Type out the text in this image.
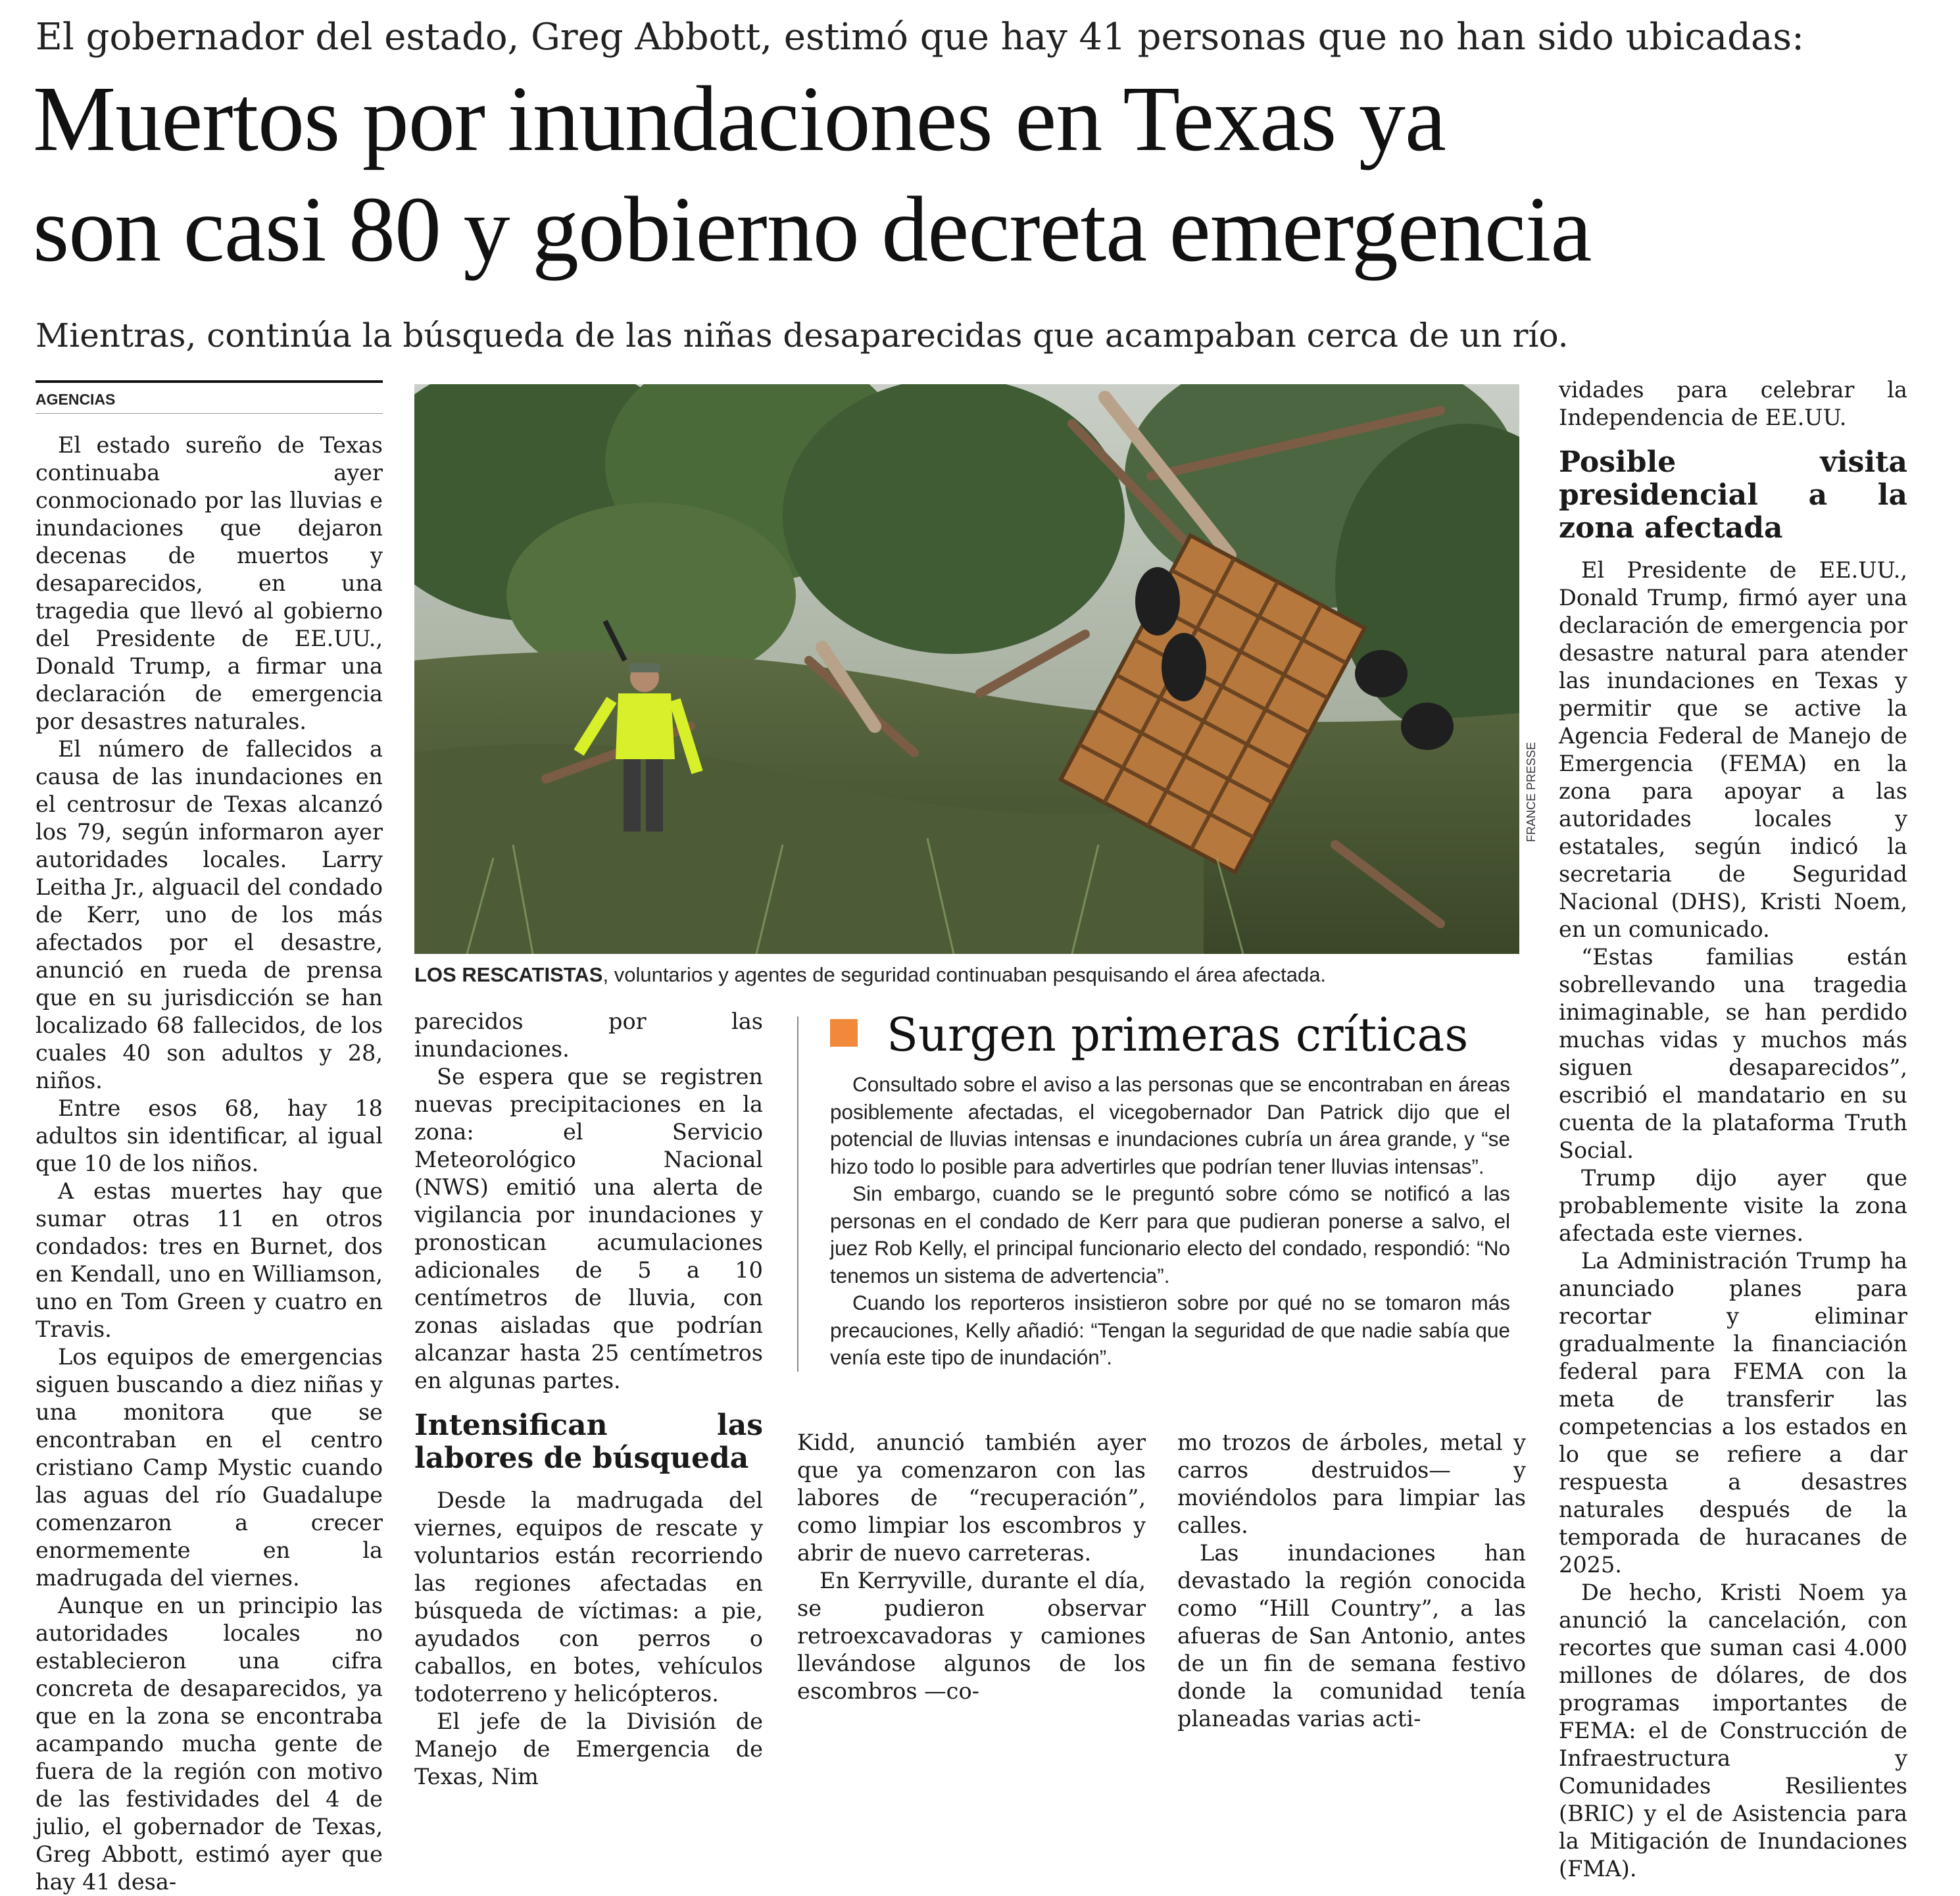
El gobernador del estado, Greg Abbott, estimó que hay 41 personas que no han sido ubicadas:
Muertos por inundaciones en Texas ya
son casi 80 y gobierno decreta emergencia
Mientras, continúa la búsqueda de las niñas desaparecidas que acampaban cerca de un río.
AGENCIAS

El estado sureño de Texas continuaba ayer conmocionado por las lluvias e inundaciones que dejaron decenas de muertos y desaparecidos, en una tragedia que llevó al gobierno del Presidente de EE.UU., Donald Trump, a firmar una declaración de emergencia por desastres naturales.

El número de fallecidos a causa de las inundaciones en el centrosur de Texas alcanzó los 79, según informaron ayer autoridades locales. Larry Leitha Jr., alguacil del condado de Kerr, uno de los más afectados por el desastre, anunció en rueda de prensa que en su jurisdicción se han localizado 68 fallecidos, de los cuales 40 son adultos y 28, niños.

Entre esos 68, hay 18 adultos sin identificar, al igual que 10 de los niños.

A estas muertes hay que sumar otras 11 en otros condados: tres en Burnet, dos en Kendall, uno en Williamson, uno en Tom Green y cuatro en Travis.

Los equipos de emergencias siguen buscando a diez niñas y una monitora que se encontraban en el centro cristiano Camp Mystic cuando las aguas del río Guadalupe comenzaron a crecer enormemente en la madrugada del viernes.

Aunque en un principio las autoridades locales no establecieron una cifra concreta de desaparecidos, ya que en la zona se encontraba acampando mucha gente de fuera de la región con motivo de las festividades del 4 de julio, el gobernador de Texas, Greg Abbott, estimó ayer que hay 41 desa-

FRANCE PRESSE
LOS RESCATISTAS, voluntarios y agentes de seguridad continuaban pesquisando el área afectada.

parecidos por las inundaciones.

Se espera que se registren nuevas precipitaciones en la zona: el Servicio Meteorológico Nacional (NWS) emitió una alerta de vigilancia por inundaciones y pronostican acumulaciones adicionales de 5 a 10 centímetros de lluvia, con zonas aisladas que podrían alcanzar hasta 25 centímetros en algunas partes.

Intensifican las labores de búsqueda

Desde la madrugada del viernes, equipos de rescate y voluntarios están recorriendo las regiones afectadas en búsqueda de víctimas: a pie, ayudados con perros o caballos, en botes, vehículos todoterreno y helicópteros.

El jefe de la División de Manejo de Emergencia de Texas, Nim

Surgen primeras críticas

Consultado sobre el aviso a las personas que se encontraban en áreas posiblemente afectadas, el vicegobernador Dan Patrick dijo que el potencial de lluvias intensas e inundaciones cubría un área grande, y “se hizo todo lo posible para advertirles que podrían tener lluvias intensas”.

Sin embargo, cuando se le preguntó sobre cómo se notificó a las personas en el condado de Kerr para que pudieran ponerse a salvo, el juez Rob Kelly, el principal funcionario electo del condado, respondió: “No tenemos un sistema de advertencia”.

Cuando los reporteros insistieron sobre por qué no se tomaron más precauciones, Kelly añadió: “Tengan la seguridad de que nadie sabía que venía este tipo de inundación”.

Kidd, anunció también ayer que ya comenzaron con las labores de “recuperación”, como limpiar los escombros y abrir de nuevo carreteras.

En Kerryville, durante el día, se pudieron observar retroexcavadoras y camiones llevándose algunos de los escombros —co-

mo trozos de árboles, metal y carros destruidos— y moviéndolos para limpiar las calles.

Las inundaciones han devastado la región conocida como “Hill Country”, a las afueras de San Antonio, antes de un fin de semana festivo donde la comunidad tenía planeadas varias acti-

vidades para celebrar la Independencia de EE.UU.

Posible visita presidencial a la zona afectada

El Presidente de EE.UU., Donald Trump, firmó ayer una declaración de emergencia por desastre natural para atender las inundaciones en Texas y permitir que se active la Agencia Federal de Manejo de Emergencia (FEMA) en la zona para apoyar a las autoridades locales y estatales, según indicó la secretaria de Seguridad Nacional (DHS), Kristi Noem, en un comunicado.

“Estas familias están sobrellevando una tragedia inimaginable, se han perdido muchas vidas y muchos más siguen desaparecidos”, escribió el mandatario en su cuenta de la plataforma Truth Social.

Trump dijo ayer que probablemente visite la zona afectada este viernes.

La Administración Trump ha anunciado planes para recortar y eliminar gradualmente la financiación federal para FEMA con la meta de transferir las competencias a los estados en lo que se refiere a dar respuesta a desastres naturales después de la temporada de huracanes de 2025.

De hecho, Kristi Noem ya anunció la cancelación, con recortes que suman casi 4.000 millones de dólares, de dos programas importantes de FEMA: el de Construcción de Infraestructura y Comunidades Resilientes (BRIC) y el de Asistencia para la Mitigación de Inundaciones (FMA).
